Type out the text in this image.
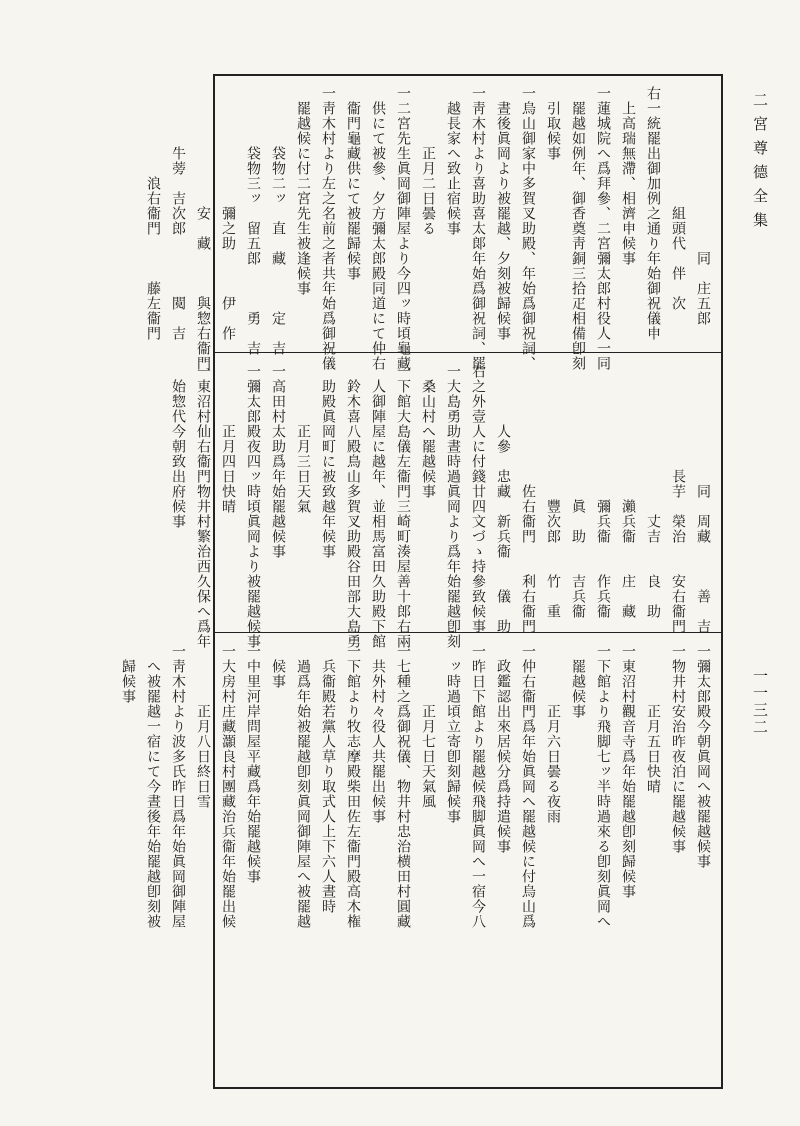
二宮尊德全集
一一三二
　　　　　　　　　　　同　庄五郎
　　　　　　　　組頭代　伴　次
右一統罷出御加例之通り年始御祝儀申
　上高瑞無滯、相濟申候事
一蓮城院へ爲拜參、二宮彌太郎村役人一同
　罷越如例年、御香奠靑銅三拾疋相備卽刻
　引取候事
一烏山御家中多賀叉助殿、年始爲御祝詞、
　晝後眞岡より被罷越、夕刻被歸候事
一靑木村より喜助喜太郞年始爲御祝詞、罷
　越長家へ致止宿候事
　　　　正月二日曇る
一二宮先生眞岡御陣屋より今四ッ時頃龜藏
　供にて被參、夕方彌太郎殿同道にて仲右
　衞門龜藏供にて被罷歸候事
一靑木村より左之名前之者共年始爲御祝儀
　罷越候に付二宮先生被逢候事
　　　　袋物二ッ　直　藏　　　定　吉
　　　　袋物三ッ　留五郎　　　勇　吉
　　　　　　　　彌之助　　　伊　作
　　　　　　　　安　藏　　　與惣右衞門
　　　　牛蒡　吉次郎　　　　䦧　吉
　　　　　　浪右衞門　　　藤左衞門
　　　　　　　　同　周藏　　　善　吉
　　　　　　　長芋　榮治　　安右衞門
　　　　　　　　　　丈吉　　良　助
　　　　　　　　　瀨兵衞　　庄　藏
　　　　　　　　　彌兵衞　　作兵衞
　　　　　　　　　眞　助　　吉兵衞
　　　　　　　　　豐次郎　　竹　重
　　　　　　　　佐右衞門　　利右衞門
　　　　人參　忠藏　新兵衞　　儀　助
右之外壹人に付錢廿四文づゝ持參致候事
一大島勇助晝時過眞岡より爲年始罷越卽刻
　桑山村へ罷越候事
一下館大島儀左衞門三崎町湊屋善十郎右兩
　人御陣屋に越年、並相馬富田久助殿下館
　鈴木喜八殿鳥山多賀叉助殿谷田部大島勇
　助殿眞岡町に被致越年候事
　　　　正月三日天氣
一高田村太助爲年始罷越候事
一彌太郎殿夜四ッ時頃眞岡より被罷越候事
　　　　正月四日快晴
一東沼村仙右衞門物井村繁治西久保へ爲年
　始惣代今朝致出府候事
一彌太郎殿今朝眞岡へ被罷越候事
一物井村安治昨夜泊に罷越候事
　　　　正月五日快晴
一東沼村觀音寺爲年始罷越卽刻歸候事
一下館より飛脚七ッ半時過來る卽刻眞岡へ
　罷越候事
　　　　正月六日曇る夜雨
一仲右衞門爲年始眞岡へ罷越候に付烏山爲
　政鑑認出來居候分爲持遣候事
一昨日下館より罷越候飛脚眞岡へ一宿今八
　ッ時過頃立寄卽刻歸候事
　　　　正月七日天氣風
一七種之爲御祝儀、物井村忠治横田村圓藏
　共外村々役人共罷出候事
一下館より牧志摩殿柴田佐左衞門殿高木権
　兵衞殿若黨人草り取式人上下六人晝時
　過爲年始被罷越卽刻眞岡御陣屋へ被罷越
　候事
一中里河岸問屋平藏爲年始罷越候事
一大房村庄藏灝良村團藏治兵衞年始罷出候
　　　　正月八日終日雪
一靑木村より波多氏昨日爲年始眞岡御陣屋
　へ被罷越一宿にて今晝後年始罷越卽刻被
　歸候事
